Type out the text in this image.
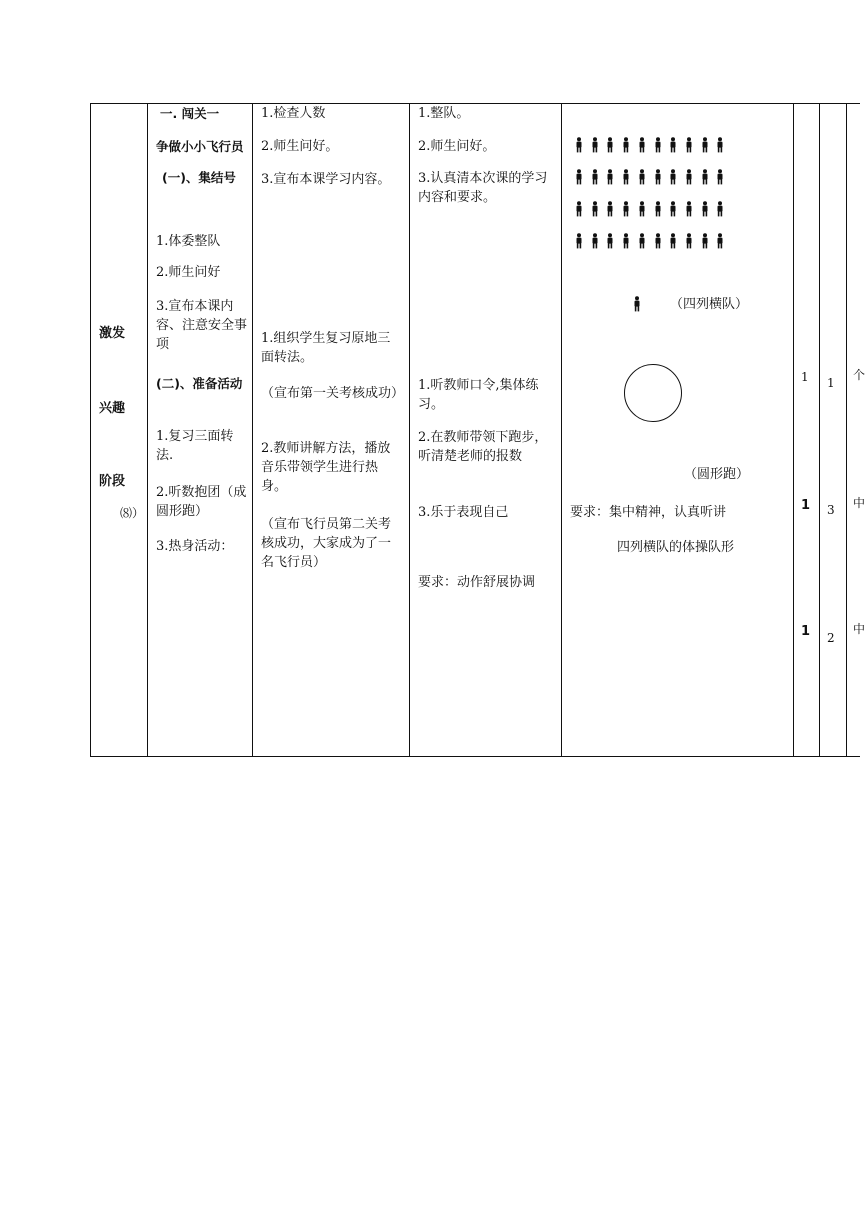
激发
兴趣
阶段
⑻）
一. 闯关一
争做小小飞行员
(一)、集结号
1.体委整队
2.师生问好
3.宣布本课内容、注意安全事项
(二)、准备活动
1.复习三面转法.
2.听数抱团（成圆形跑）
3.热身活动：
1.检查人数
2.师生问好。
3.宣布本课学习内容。
1.组织学生复习原地三面转法。
（宣布第一关考核成功）
2.教师讲解方法，播放音乐带领学生进行热身。
（宣布飞行员第二关考核成功，大家成为了一名飞行员）
1.整队。
2.师生问好。
3.认真清本次课的学习内容和要求。
1.听教师口令,集体练习。
2.在教师带领下跑步，听清楚老师的报数
3.乐于表现自己
要求：动作舒展协调
（四列横队）
（圆形跑）
要求：集中精神，认真听讲
四列横队的体操队形
1
1
1
1
3
2
个
中
中
